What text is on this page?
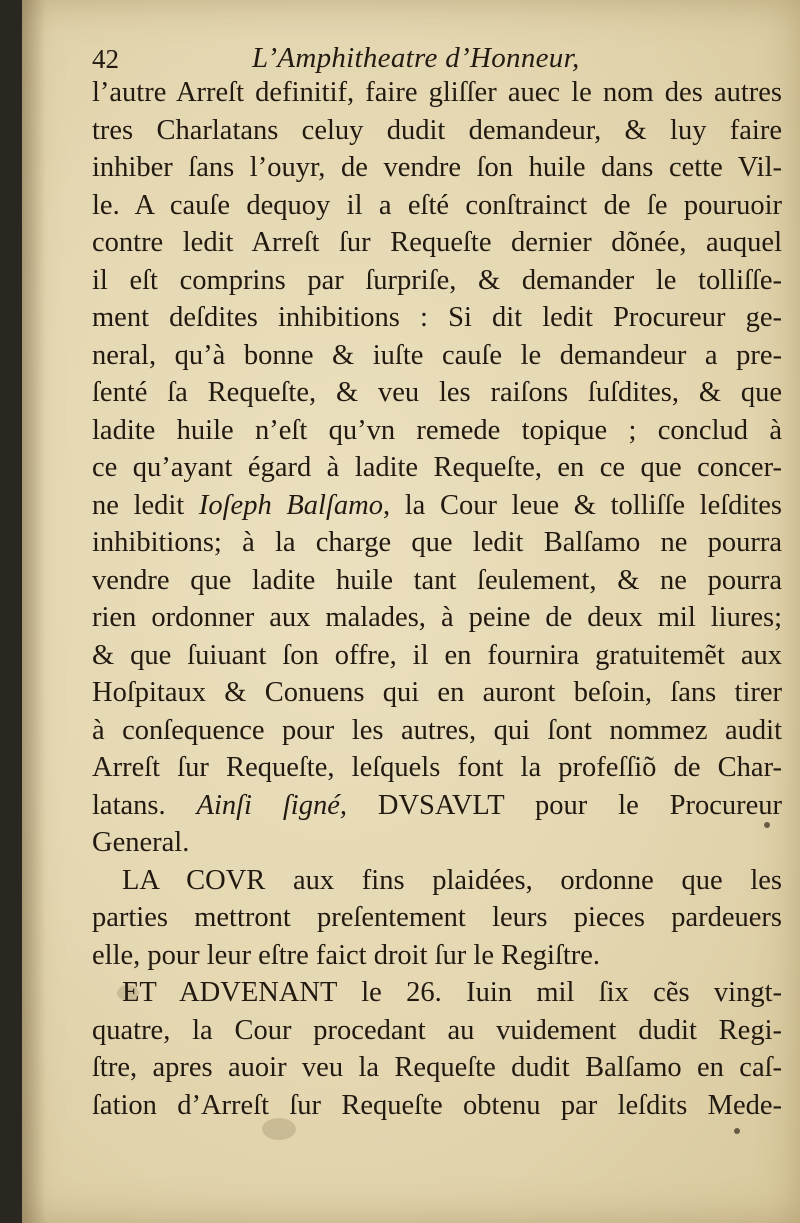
42	L’Amphitheatre d’Honneur,
l’autre Arreſt definitif, faire gliſſer auec le nom des autres
tres Charlatans celuy dudit demandeur, & luy faire
inhiber ſans l’ouyr, de vendre ſon huile dans cette Vil-
le. A cauſe dequoy il a eſté conſtrainct de ſe pouruoir
contre ledit Arreſt ſur Requeſte dernier dõnée, auquel
il eſt comprins par ſurpriſe, & demander le tolliſſe-
ment deſdites inhibitions : Si dit ledit Procureur ge-
neral, qu’à bonne & iuſte cauſe le demandeur a pre-
ſenté ſa Requeſte, & veu les raiſons ſuſdites, & que
ladite huile n’eſt qu’vn remede topique ; conclud à
ce qu’ayant égard à ladite Requeſte, en ce que concer-
ne ledit Ioſeph Balſamo, la Cour leue & tolliſſe leſdites
inhibitions; à la charge que ledit Balſamo ne pourra
vendre que ladite huile tant ſeulement, & ne pourra
rien ordonner aux malades, à peine de deux mil liures;
& que ſuiuant ſon offre, il en fournira gratuitemẽt aux
Hoſpitaux & Conuens qui en auront beſoin, ſans tirer
à conſequence pour les autres, qui ſont nommez audit
Arreſt ſur Requeſte, leſquels font la profeſſiõ de Char-
latans. Ainſi ſigné, DVSAVLT pour le Procureur
General.
LA COVR aux fins plaidées, ordonne que les
parties mettront preſentement leurs pieces pardeuers
elle, pour leur eſtre faict droit ſur le Regiſtre.
ET ADVENANT le 26. Iuin mil ſix cẽs vingt-
quatre, la Cour procedant au vuidement dudit Regi-
ſtre, apres auoir veu la Requeſte dudit Balſamo en caſ-
ſation d’Arreſt ſur Requeſte obtenu par leſdits Mede-
